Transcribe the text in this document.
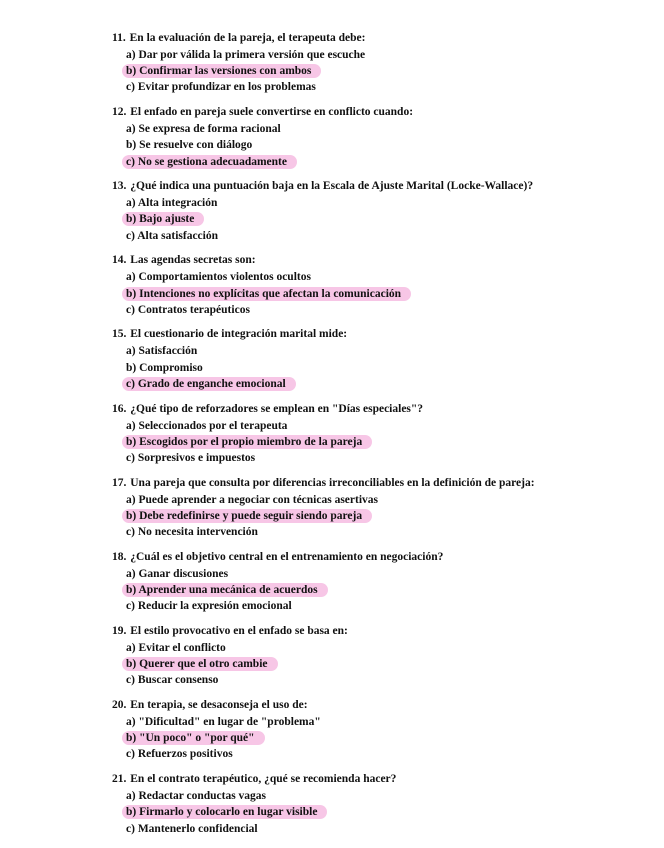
11. En la evaluación de la pareja, el terapeuta debe:
a) Dar por válida la primera versión que escuche
b) Confirmar las versiones con ambos
c) Evitar profundizar en los problemas
12. El enfado en pareja suele convertirse en conflicto cuando:
a) Se expresa de forma racional
b) Se resuelve con diálogo
c) No se gestiona adecuadamente
13. ¿Qué indica una puntuación baja en la Escala de Ajuste Marital (Locke-Wallace)?
a) Alta integración
b) Bajo ajuste
c) Alta satisfacción
14. Las agendas secretas son:
a) Comportamientos violentos ocultos
b) Intenciones no explícitas que afectan la comunicación
c) Contratos terapéuticos
15. El cuestionario de integración marital mide:
a) Satisfacción
b) Compromiso
c) Grado de enganche emocional
16. ¿Qué tipo de reforzadores se emplean en "Días especiales"?
a) Seleccionados por el terapeuta
b) Escogidos por el propio miembro de la pareja
c) Sorpresivos e impuestos
17. Una pareja que consulta por diferencias irreconciliables en la definición de pareja:
a) Puede aprender a negociar con técnicas asertivas
b) Debe redefinirse y puede seguir siendo pareja
c) No necesita intervención
18. ¿Cuál es el objetivo central en el entrenamiento en negociación?
a) Ganar discusiones
b) Aprender una mecánica de acuerdos
c) Reducir la expresión emocional
19. El estilo provocativo en el enfado se basa en:
a) Evitar el conflicto
b) Querer que el otro cambie
c) Buscar consenso
20. En terapia, se desaconseja el uso de:
a) "Dificultad" en lugar de "problema"
b) "Un poco" o "por qué"
c) Refuerzos positivos
21. En el contrato terapéutico, ¿qué se recomienda hacer?
a) Redactar conductas vagas
b) Firmarlo y colocarlo en lugar visible
c) Mantenerlo confidencial
